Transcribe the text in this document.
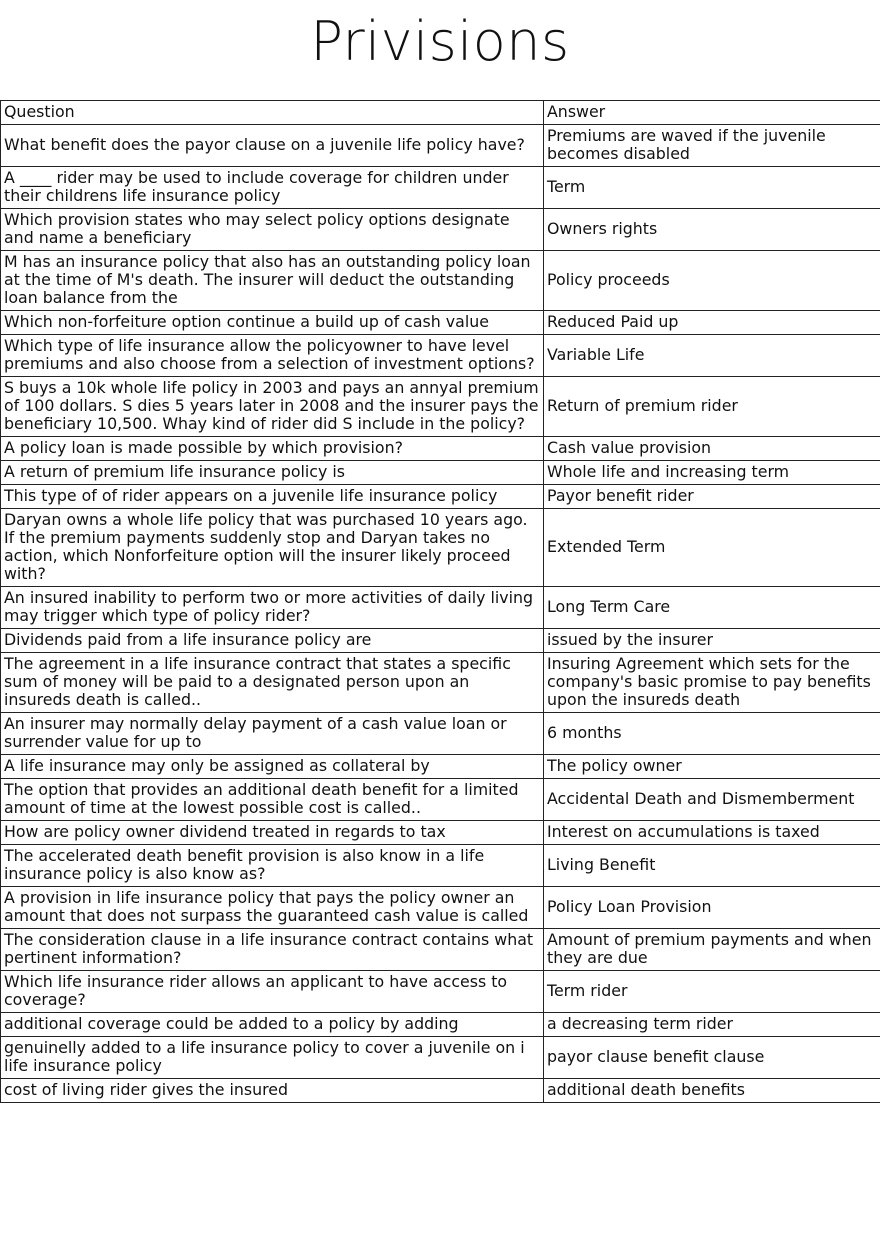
Privisions
Question	Answer
What benefit does the payor clause on a juvenile life policy have?	Premiums are waved if the juvenile becomes disabled
A ____ rider may be used to include coverage for children under their childrens life insurance policy	Term
Which provision states who may select policy options designate and name a beneficiary	Owners rights
M has an insurance policy that also has an outstanding policy loan at the time of M's death. The insurer will deduct the outstanding loan balance from the	Policy proceeds
Which non-forfeiture option continue a build up of cash value	Reduced Paid up
Which type of life insurance allow the policyowner to have level premiums and also choose from a selection of investment options?	Variable Life
S buys a 10k whole life policy in 2003 and pays an annyal premium of 100 dollars. S dies 5 years later in 2008 and the insurer pays the beneficiary 10,500. Whay kind of rider did S include in the policy?	Return of premium rider
A policy loan is made possible by which provision?	Cash value provision
A return of premium life insurance policy is	Whole life and increasing term
This type of of rider appears on a juvenile life insurance policy	Payor benefit rider
Daryan owns a whole life policy that was purchased 10 years ago. If the premium payments suddenly stop and Daryan takes no action, which Nonforfeiture option will the insurer likely proceed with?	Extended Term
An insured inability to perform two or more activities of daily living may trigger which type of policy rider?	Long Term Care
Dividends paid from a life insurance policy are	issued by the insurer
The agreement in a life insurance contract that states a specific sum of money will be paid to a designated person upon an insureds death is called..	Insuring Agreement which sets for the company's basic promise to pay benefits upon the insureds death
An insurer may normally delay payment of a cash value loan or surrender value for up to	6 months
A life insurance may only be assigned as collateral by	The policy owner
The option that provides an additional death benefit for a limited amount of time at the lowest possible cost is called..	Accidental Death and Dismemberment
How are policy owner dividend treated in regards to tax	Interest on accumulations is taxed
The accelerated death benefit provision is also know in a life insurance policy is also know as?	Living Benefit
A provision in life insurance policy that pays the policy owner an amount that does not surpass the guaranteed cash value is called	Policy Loan Provision
The consideration clause in a life insurance contract contains what pertinent information?	Amount of premium payments and when they are due
Which life insurance rider allows an applicant to have access to coverage?	Term rider
additional coverage could be added to a policy by adding	a decreasing term rider
genuinelly added to a life insurance policy to cover a juvenile on i life insurance policy	payor clause benefit clause
cost of living rider gives the insured	additional death benefits
